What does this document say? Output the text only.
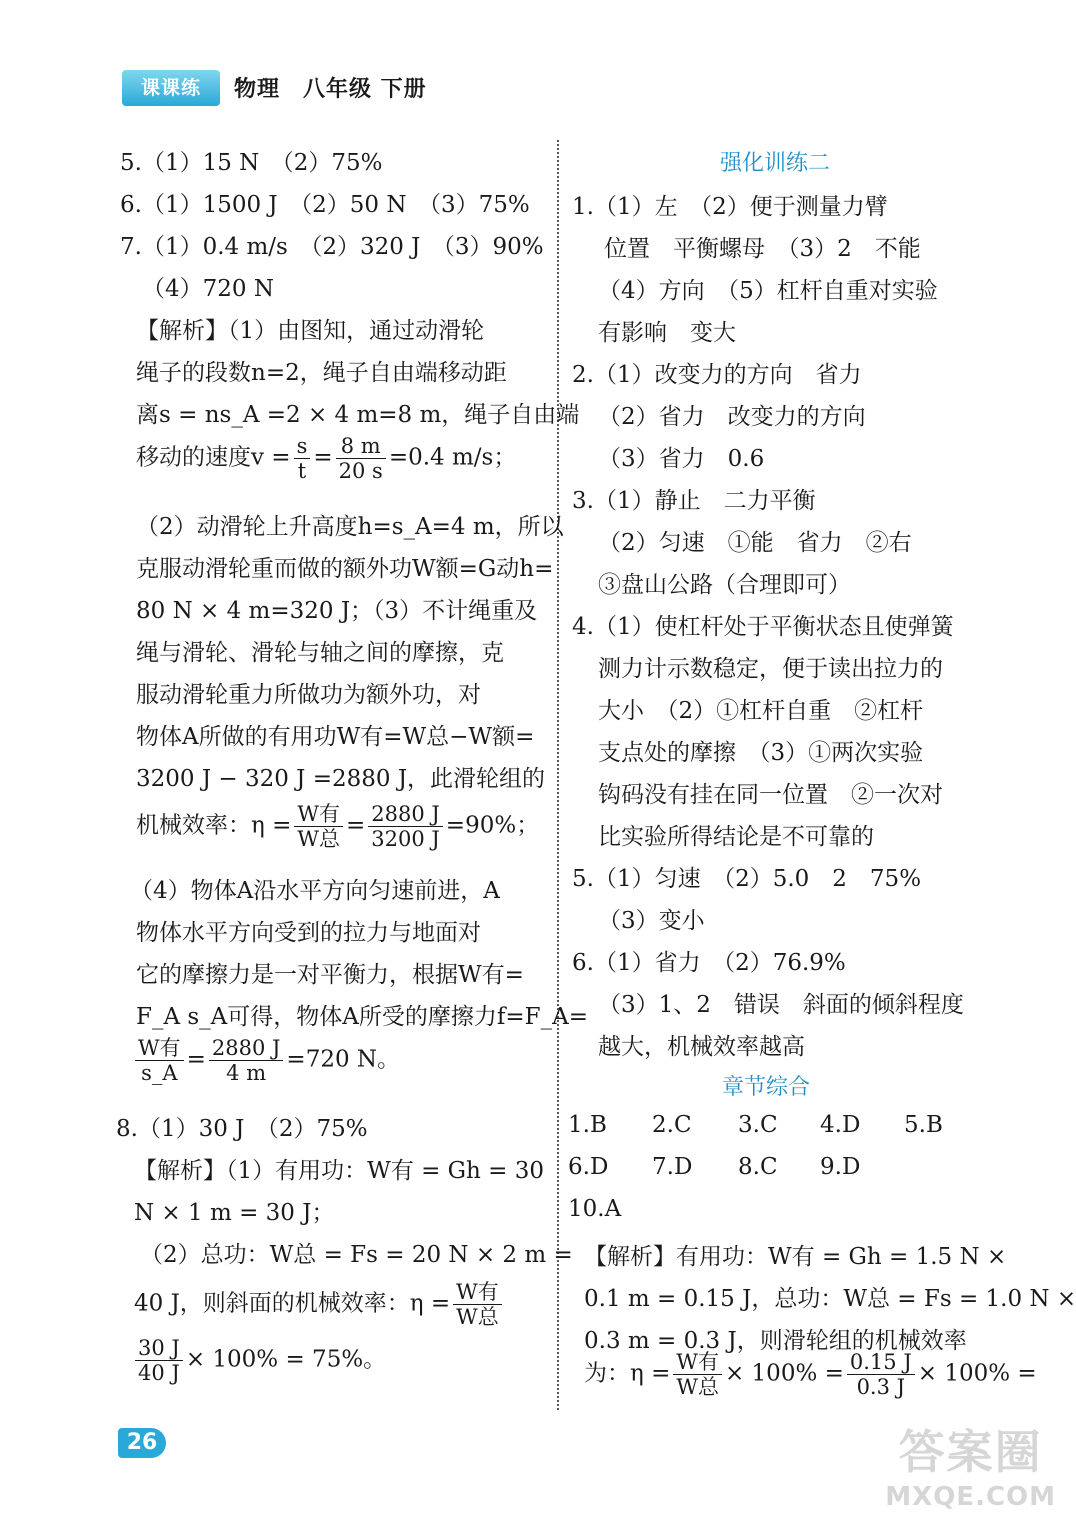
课课练	物理　八年级 下册
5.（1）15 N　（2）75%
6.（1）1500 J　（2）50 N　（3）75%
7.（1）0.4 m/s　（2）320 J　（3）90%
（4）720 N
【解析】（1）由图知，通过动滑轮
绳子的段数n=2，绳子自由端移动距
离s = ns_A =2 × 4 m=8 m，绳子自由端
移动的速度$v = \frac{s}{t} = \frac{8 m}{20 s} =0.4$ m/s；
（2）动滑轮上升高度h=s_A=4 m，所以
克服动滑轮重而做的额外功W额=G动h=
80 N × 4 m=320 J；（3）不计绳重及
绳与滑轮、滑轮与轴之间的摩擦，克
服动滑轮重力所做功为额外功，对
物体A所做的有用功W有=W总−W额=
3200 J − 320 J =2880 J，此滑轮组的
机械效率：$\eta = \frac{\text{W有}}{\text{W总}} = \frac{2880 J}{3200 J} =90\%$；
（4）物体A沿水平方向匀速前进，A
物体水平方向受到的拉力与地面对
它的摩擦力是一对平衡力，根据W有=
F_A s_A可得，物体A所受的摩擦力f=F_A=
$\frac{\text{W有}}{s\_A} = \frac{2880 J}{4 m} =720$ N。
8.（1）30 J　（2）75%
【解析】（1）有用功：W有 = Gh = 30
N × 1 m = 30 J；
（2）总功：W总 = Fs = 20 N × 2 m =
40 J，则斜面的机械效率：$\eta = \frac{\text{W有}}{\text{W总}}$
$\frac{30 J}{40 J} \times 100\% = 75\%$。
强化训练二
1.（1）左　（2）便于测量力臂
位置　平衡螺母　（3）2　不能
（4）方向　（5）杠杆自重对实验
有影响　变大
2.（1）改变力的方向　省力
（2）省力　改变力的方向
（3）省力　0.6
3.（1）静止　二力平衡
（2）匀速　①能　省力　②右
③盘山公路（合理即可）
4.（1）使杠杆处于平衡状态且使弹簧
测力计示数稳定，便于读出拉力的
大小　（2）①杠杆自重　②杠杆
支点处的摩擦　（3）①两次实验
钩码没有挂在同一位置　②一次对
比实验所得结论是不可靠的
5.（1）匀速　（2）5.0　2　75%
（3）变小
6.（1）省力　（2）76.9%
（3）1、2　错误　斜面的倾斜程度
越大，机械效率越高
章节综合
1.B 2.C 3.C 4.D 5.B
6.D 7.D 8.C 9.D
10.A
【解析】有用功：W有 = Gh = 1.5 N ×
0.1 m = 0.15 J，总功：W总 = Fs = 1.0 N ×
0.3 m = 0.3 J，则滑轮组的机械效率
为：$\eta = \frac{\text{W有}}{\text{W总}} \times 100\% = \frac{0.15 J}{0.3 J} \times 100\%$ =
26	答案圈
MXQE.COM
